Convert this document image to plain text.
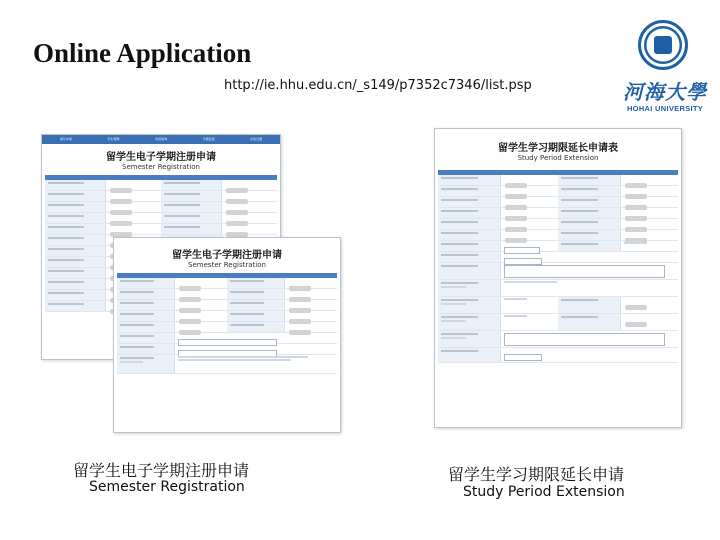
Online Application
http://ie.hhu.edu.cn/_s149/p7352c7346/list.psp	河海大學
HOHAI UNIVERSITY
填写申请	学生管理	审批查询	学籍变更	系统设置
留学生电子学期注册申请
Semester Registration
留学生电子学期注册申请
Semester Registration
留学生学习期限延长申请表
Study Period Extension
留学生电子学期注册申请
Semester Registration
留学生学习期限延长申请
Study Period Extension
